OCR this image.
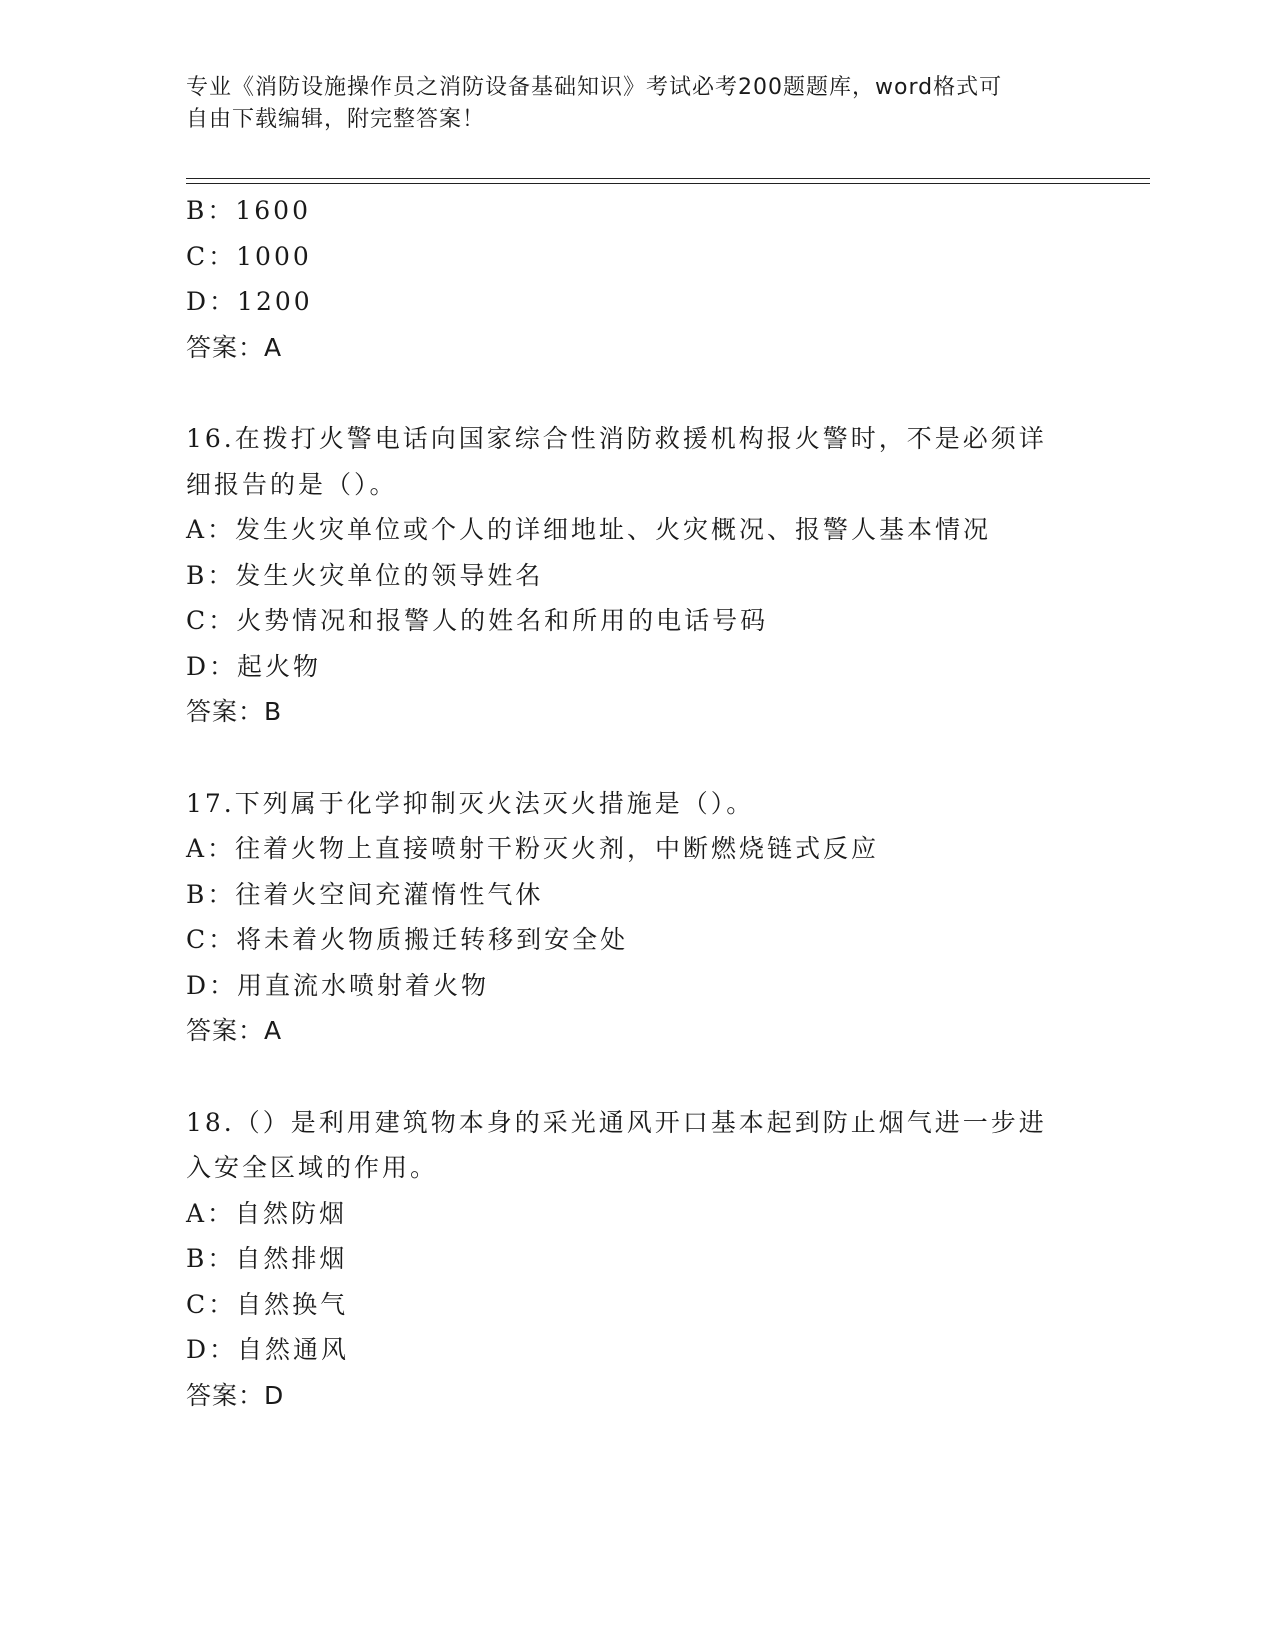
专业《消防设施操作员之消防设备基础知识》考试必考200题题库，word格式可
自由下载编辑，附完整答案！
B：1600
C：1000
D：1200
答案：A
16.在拨打火警电话向国家综合性消防救援机构报火警时，不是必须详
细报告的是（）。
A：发生火灾单位或个人的详细地址、火灾概况、报警人基本情况
B：发生火灾单位的领导姓名
C：火势情况和报警人的姓名和所用的电话号码
D：起火物
答案：B
17.下列属于化学抑制灭火法灭火措施是（）。
A：往着火物上直接喷射干粉灭火剂，中断燃烧链式反应
B：往着火空间充灌惰性气休
C：将未着火物质搬迁转移到安全处
D：用直流水喷射着火物
答案：A
18.（）是利用建筑物本身的采光通风开口基本起到防止烟气进一步进
入安全区域的作用。
A：自然防烟
B：自然排烟
C：自然换气
D：自然通风
答案：D
